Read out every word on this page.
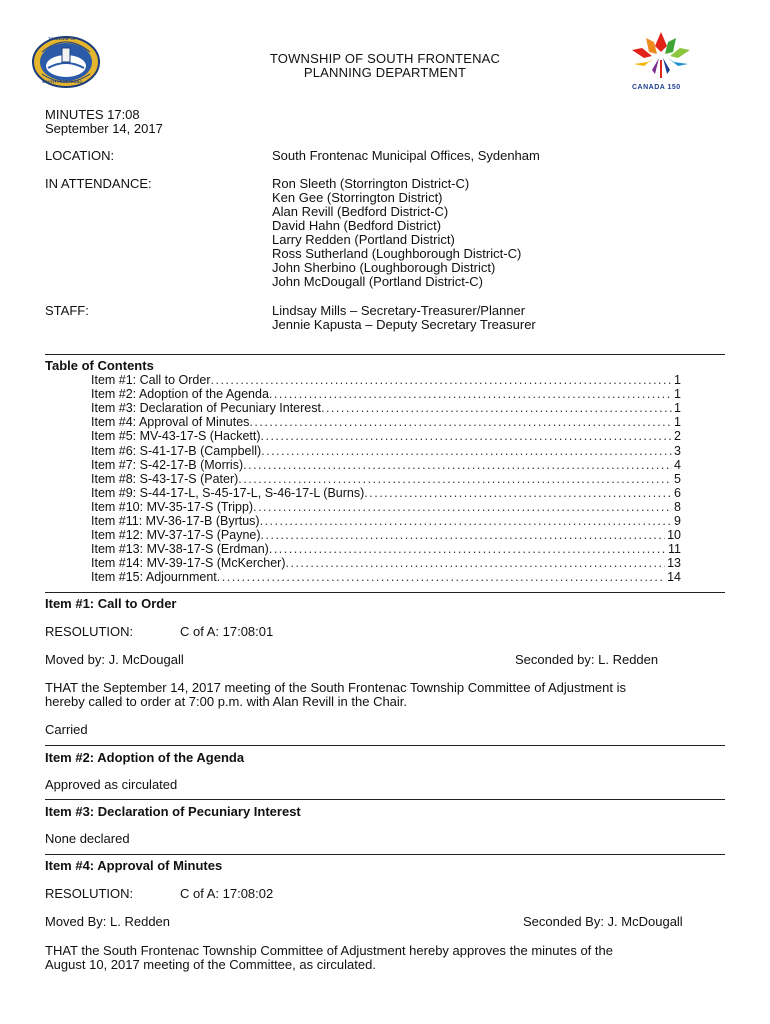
TOWNSHIP OF
SOUTH FRONTENAC
TOWNSHIP OF SOUTH FRONTENAC
PLANNING DEPARTMENT
CANADA 150
MINUTES 17:08
September 14, 2017
LOCATION:	South Frontenac Municipal Offices, Sydenham
IN ATTENDANCE:	Ron Sleeth (Storrington District-C)
Ken Gee (Storrington District)
Alan Revill (Bedford District-C)
David Hahn (Bedford District)
Larry Redden (Portland District)
Ross Sutherland (Loughborough District-C)
John Sherbino (Loughborough District)
John McDougall (Portland District-C)
STAFF:	Lindsay Mills – Secretary-Treasurer/Planner
Jennie Kapusta – Deputy Secretary Treasurer
Table of Contents
Item #1: Call to Order .....	1
Item #2: Adoption of the Agenda .....	1
Item #3: Declaration of Pecuniary Interest .....	1
Item #4: Approval of Minutes .....	1
Item #5: MV-43-17-S (Hackett) .....	2
Item #6: S-41-17-B (Campbell) .....	3
Item #7: S-42-17-B (Morris) .....	4
Item #8: S-43-17-S (Pater) .....	5
Item #9: S-44-17-L, S-45-17-L, S-46-17-L (Burns) .....	6
Item #10: MV-35-17-S (Tripp) .....	8
Item #11: MV-36-17-B (Byrtus) .....	9
Item #12: MV-37-17-S (Payne) .....	10
Item #13: MV-38-17-S (Erdman) .....	11
Item #14: MV-39-17-S (McKercher) .....	13
Item #15: Adjournment .....	14
Item #1: Call to Order
RESOLUTION:	C of A: 17:08:01
Moved by: J. McDougall	Seconded by: L. Redden
THAT the September 14, 2017 meeting of the South Frontenac Township Committee of Adjustment is
hereby called to order at 7:00 p.m. with Alan Revill in the Chair.
Carried
Item #2: Adoption of the Agenda
Approved as circulated
Item #3: Declaration of Pecuniary Interest
None declared
Item #4: Approval of Minutes
RESOLUTION:	C of A: 17:08:02
Moved By: L. Redden	Seconded By: J. McDougall
THAT the South Frontenac Township Committee of Adjustment hereby approves the minutes of the
August 10, 2017 meeting of the Committee, as circulated.
